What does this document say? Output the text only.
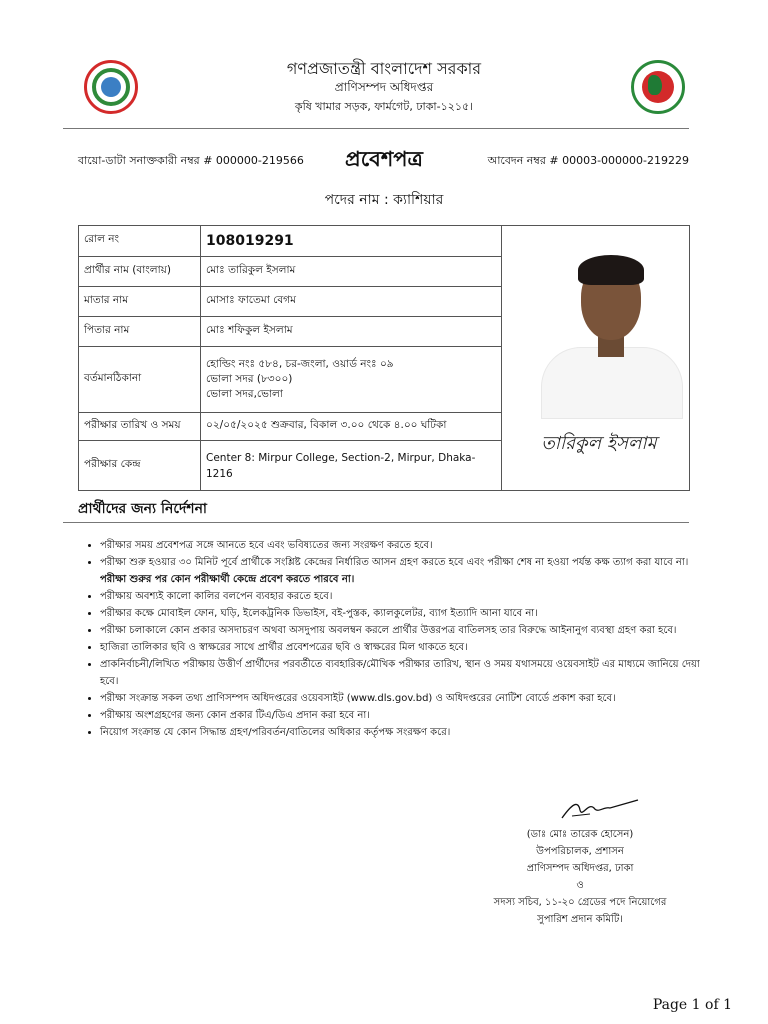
গণপ্রজাতন্ত্রী বাংলাদেশ সরকার
প্রাণিসম্পদ অধিদপ্তর
কৃষি খামার সড়ক, ফার্মগেট, ঢাকা-১২১৫।
বায়ো-ডাটা সনাক্তকারী নম্বর # 000000-219566	প্রবেশপত্র	আবেদন নম্বর # 00003-000000-219229
পদের নাম : ক্যাশিয়ার
রোল নং	108019291	তারিকুল ইসলাম

প্রার্থীর নাম (বাংলায়)	মোঃ তারিকুল ইসলাম	
মাতার নাম	মোসাঃ ফাতেমা বেগম	
পিতার নাম	মোঃ শফিকুল ইসলাম	
বর্তমানঠিকানা	হোল্ডিং নংঃ ৫৮৪, চর-জংলা, ওয়ার্ড নংঃ ০৯
ভোলা সদর (৮৩০০)
ভোলা সদর,ভোলা	

পরীক্ষার তারিখ ও সময়	০২/০৫/২০২৫ শুক্রবার, বিকাল ৩.০০ থেকে ৪.০০ ঘটিকা	
পরীক্ষার কেন্দ্র	Center 8: Mirpur College, Section-2, Mirpur, Dhaka-1216	
প্রার্থীদের জন্য নির্দেশনা
• পরীক্ষার সময় প্রবেশপত্র সঙ্গে আনতে হবে এবং ভবিষ্যতের জন্য সংরক্ষণ করতে হবে।
• পরীক্ষা শুরু হওয়ার ৩০ মিনিট পূর্বে প্রার্থীকে সংশ্লিষ্ট কেন্দ্রের নির্ধারিত আসন গ্রহণ করতে হবে এবং পরীক্ষা শেষ না হওয়া পর্যন্ত কক্ষ ত্যাগ করা যাবে না। পরীক্ষা শুরুর পর কোন পরীক্ষার্থী কেন্দ্রে প্রবেশ করতে পারবে না।
• পরীক্ষায় অবশ্যই কালো কালির বলপেন ব্যবহার করতে হবে।
• পরীক্ষার কক্ষে মোবাইল ফোন, ঘড়ি, ইলেকট্রনিক ডিভাইস, বই-পুস্তক, ক্যালকুলেটর, ব্যাগ ইত্যাদি আনা যাবে না।
• পরীক্ষা চলাকালে কোন প্রকার অসদাচরণ অথবা অসদুপায় অবলম্বন করলে প্রার্থীর উত্তরপত্র বাতিলসহ তার বিরুদ্ধে আইনানুগ ব্যবস্থা গ্রহণ করা হবে।
• হাজিরা তালিকার ছবি ও স্বাক্ষরের সাথে প্রার্থীর প্রবেশপত্রের ছবি ও স্বাক্ষরের মিল থাকতে হবে।
• প্রাকনির্বাচনী/লিখিত পরীক্ষায় উত্তীর্ণ প্রার্থীদের পরবর্তীতে ব্যবহারিক/মৌখিক পরীক্ষার তারিখ, স্থান ও সময় যথাসময়ে ওয়েবসাইট এর মাধ্যমে জানিয়ে দেয়া হবে।
• পরীক্ষা সংক্রান্ত সকল তথ্য প্রাণিসম্পদ অধিদপ্তরের ওয়েবসাইট (www.dls.gov.bd) ও অধিদপ্তরের নোটিশ বোর্ডে প্রকাশ করা হবে।
• পরীক্ষায় অংশগ্রহণের জন্য কোন প্রকার টিএ/ডিএ প্রদান করা হবে না।
• নিয়োগ সংক্রান্ত যে কোন সিদ্ধান্ত গ্রহণ/পরিবর্তন/বাতিলের অধিকার কর্তৃপক্ষ সংরক্ষণ করে।
(ডাঃ মোঃ তারেক হোসেন)
উপপরিচালক, প্রশাসন
প্রাণিসম্পদ অধিদপ্তর, ঢাকা
ও
সদস্য সচিব, ১১-২০ গ্রেডের পদে নিয়োগের
সুপারিশ প্রদান কমিটি।
Page 1 of 1
